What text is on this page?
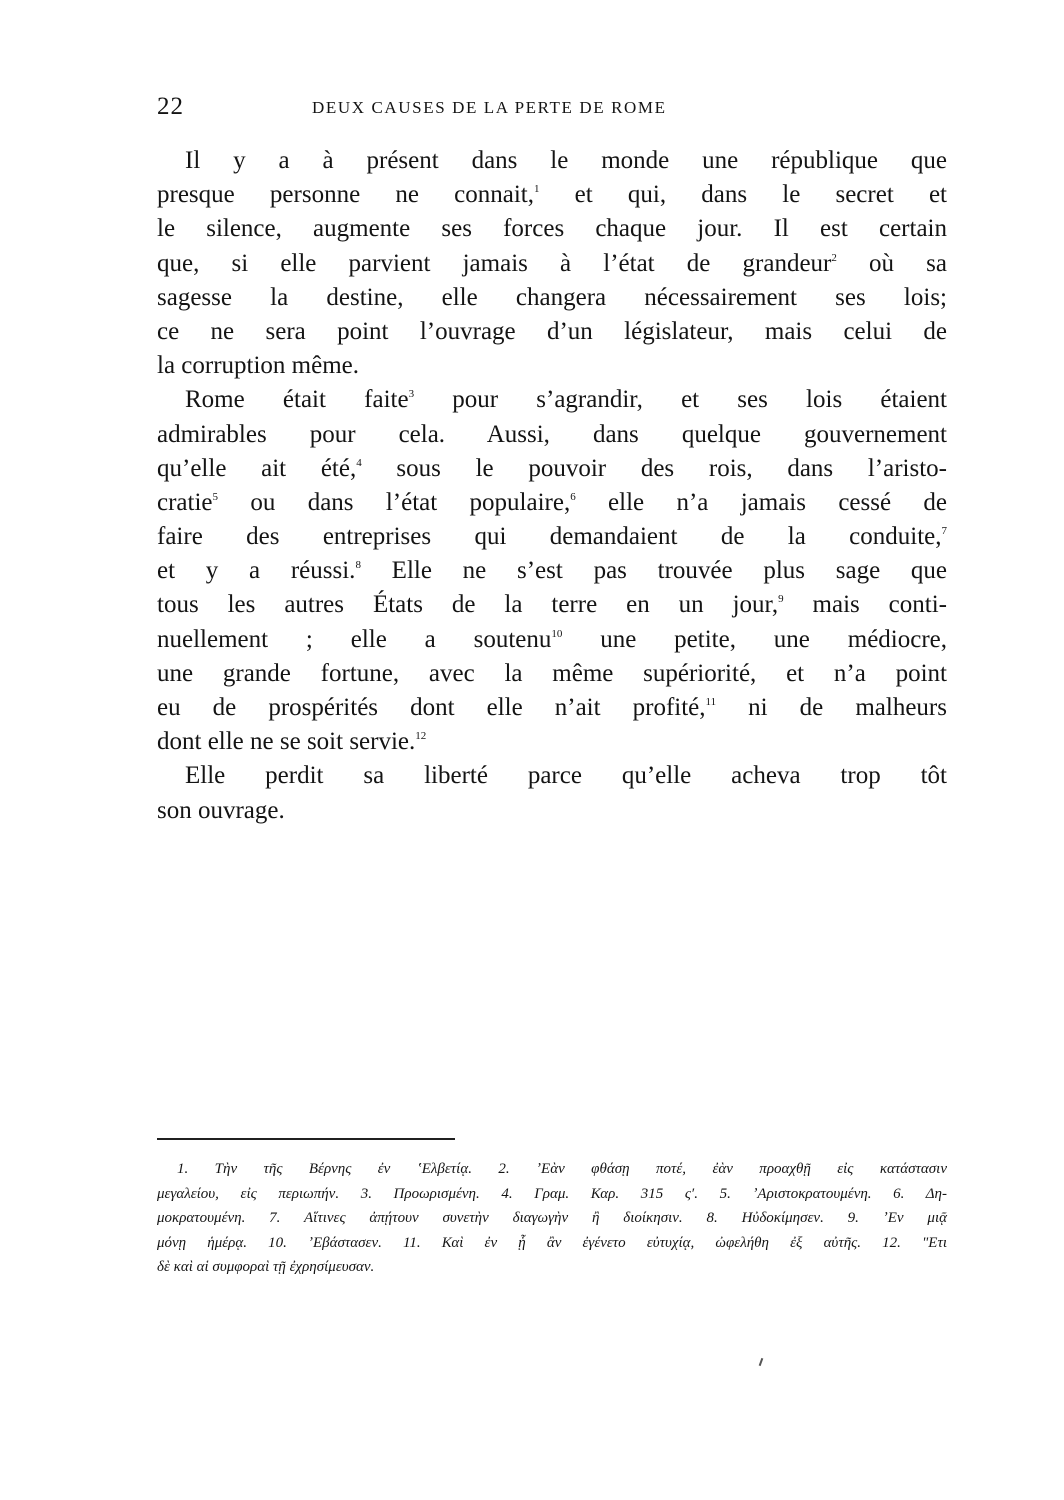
22	DEUX CAUSES DE LA PERTE DE ROME
Il y a à présent dans le monde une république que
presque personne ne connait,$^1$ et qui, dans le secret et
le silence, augmente ses forces chaque jour. Il est certain
que, si elle parvient jamais à l’état de grandeur$^2$ où sa
sagesse la destine, elle changera nécessairement ses lois;
ce ne sera point l’ouvrage d’un législateur, mais celui de
la corruption même.
Rome était faite$^3$ pour s’agrandir, et ses lois étaient
admirables pour cela. Aussi, dans quelque gouvernement
qu’elle ait été,$^4$ sous le pouvoir des rois, dans l’aristo-
cratie$^5$ ou dans l’état populaire,$^6$ elle n’a jamais cessé de
faire des entreprises qui demandaient de la conduite,$^7$
et y a réussi.$^8$ Elle ne s’est pas trouvée plus sage que
tous les autres États de la terre en un jour,$^9$ mais conti-
nuellement ; elle a soutenu$^{10}$ une petite, une médiocre,
une grande fortune, avec la même supériorité, et n’a point
eu de prospérités dont elle n’ait profité,$^{11}$ ni de malheurs
dont elle ne se soit servie.$^{12}$
Elle perdit sa liberté parce qu’elle acheva trop tôt
son ouvrage.
1. Τὴν τῆς Βέρνης ἐν ʽΕλβετίᾳ. 2. ʼΕὰν φθάσῃ ποτέ, ἐὰν προαχθῇ εἰς κατάστασιν
μεγαλείου, εἰς περιωπήν. 3. Προωρισμένη. 4. Γραμ. Καρ. 315 ς′. 5. ʼΑριστοκρατουμένη. 6. Δη-
μοκρατουμένη. 7. Αἵτινες ἀπῄτουν συνετὴν διαγωγὴν ἢ διοίκησιν. 8. Ηὐδοκίμησεν. 9. ʼΕν μιᾷ
μόνῃ ἡμέρᾳ. 10. ʼΕβάστασεν. 11. Καὶ ἐν ᾗ ἂν ἐγένετο εὐτυχίᾳ, ὠφελήθη ἐξ αὐτῆς. 12. ʺΕτι
δὲ καὶ αἱ συμφοραὶ τῇ ἐχρησίμευσαν.
